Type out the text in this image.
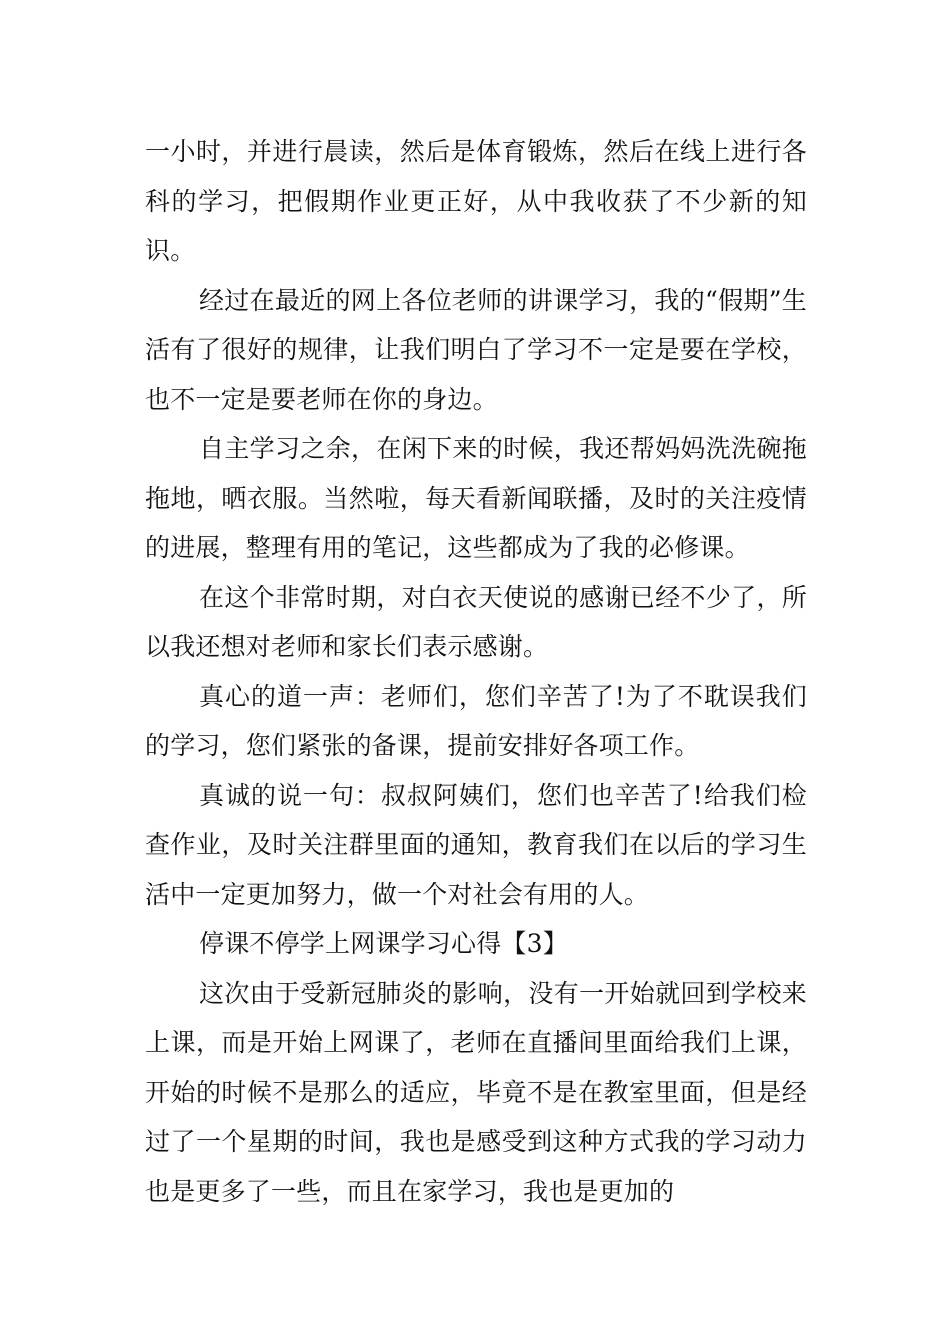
一小时，并进行晨读，然后是体育锻炼，然后在线上进行各科的学习，把假期作业更正好，从中我收获了不少新的知识。

经过在最近的网上各位老师的讲课学习，我的“假期”生活有了很好的规律，让我们明白了学习不一定是要在学校，也不一定是要老师在你的身边。

自主学习之余，在闲下来的时候，我还帮妈妈洗洗碗拖拖地，晒衣服。当然啦，每天看新闻联播，及时的关注疫情的进展，整理有用的笔记，这些都成为了我的必修课。

在这个非常时期，对白衣天使说的感谢已经不少了，所以我还想对老师和家长们表示感谢。

真心的道一声：老师们，您们辛苦了!为了不耽误我们的学习，您们紧张的备课，提前安排好各项工作。

真诚的说一句：叔叔阿姨们，您们也辛苦了!给我们检查作业，及时关注群里面的通知，教育我们在以后的学习生活中一定更加努力，做一个对社会有用的人。

停课不停学上网课学习心得【3】

这次由于受新冠肺炎的影响，没有一开始就回到学校来上课，而是开始上网课了，老师在直播间里面给我们上课，开始的时候不是那么的适应，毕竟不是在教室里面，但是经过了一个星期的时间，我也是感受到这种方式我的学习动力也是更多了一些，而且在家学习，我也是更加的
